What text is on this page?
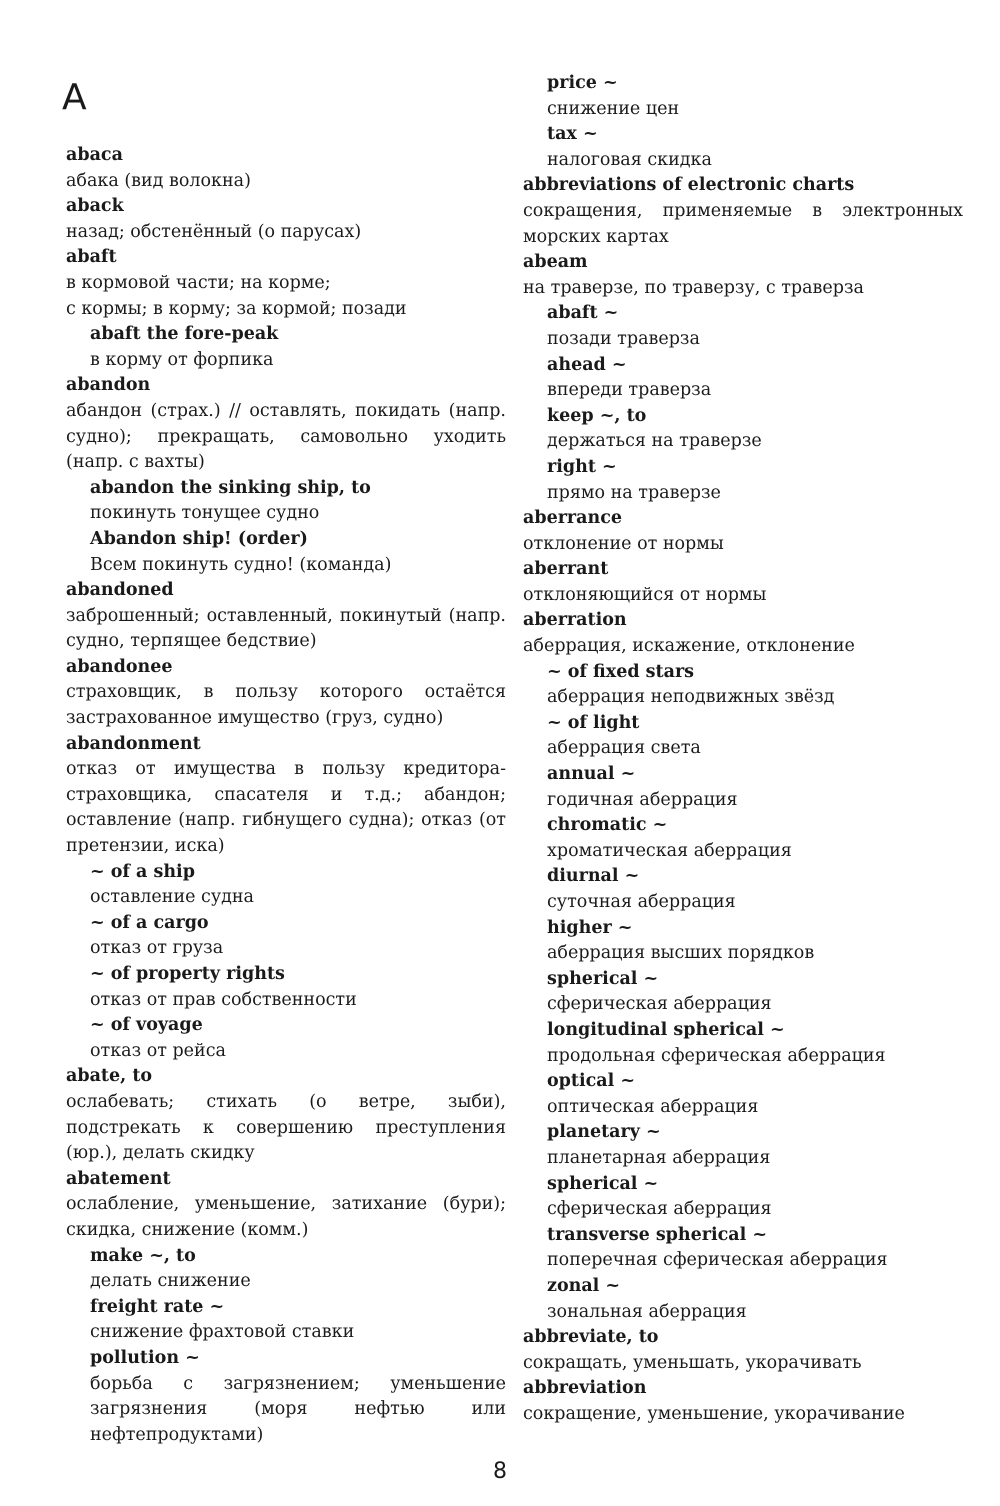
A
abaca
абака (вид волокна)
aback
назад; обстенённый (о парусах)
abaft
в кормовой части; на корме;
с кормы; в корму; за кормой; позади
abaft the fore-peak
в корму от форпика
abandon
абандон (страх.) // оставлять, покидать (напр. судно); прекращать, самовольно уходить (напр. с вахты)
abandon the sinking ship, to
покинуть тонущее судно
Abandon ship! (order)
Всем покинуть судно! (команда)
abandoned
заброшенный; оставленный, покинутый (напр. судно, терпящее бедствие)
abandonee
страховщик, в пользу которого остаётся застрахованное имущество (груз, судно)
abandonment
отказ от имущества в пользу кредитора-страховщика, спасателя и т.д.; абандон; оставление (напр. гибнущего судна); отказ (от претензии, иска)
~ of a ship
оставление судна
~ of a cargo
отказ от груза
~ of property rights
отказ от прав собственности
~ of voyage
отказ от рейса
abate, to
ослабевать; стихать (о ветре, зыби), подстрекать к совершению преступления (юр.), делать скидку
abatement
ослабление, уменьшение, затихание (бури); скидка, снижение (комм.)
make ~, to
делать снижение
freight rate ~
снижение фрахтовой ставки
pollution ~
борьба с загрязнением; уменьшение загрязнения (моря нефтью или нефтепродуктами)
price ~
снижение цен
tax ~
налоговая скидка
abbreviations of electronic charts
сокращения, применяемые в электронных морских картах
abeam
на траверзе, по траверзу, с траверза
abaft ~
позади траверза
ahead ~
впереди траверза
keep ~, to
держаться на траверзе
right ~
прямо на траверзе
aberrance
отклонение от нормы
aberrant
отклоняющийся от нормы
aberration
аберрация, искажение, отклонение
~ of fixed stars
аберрация неподвижных звёзд
~ of light
аберрация света
annual ~
годичная аберрация
chromatic ~
хроматическая аберрация
diurnal ~
суточная аберрация
higher ~
аберрация высших порядков
spherical ~
сферическая аберрация
longitudinal spherical ~
продольная сферическая аберрация
optical ~
оптическая аберрация
planetary ~
планетарная аберрация
spherical ~
сферическая аберрация
transverse spherical ~
поперечная сферическая аберрация
zonal ~
зональная аберрация
abbreviate, to
сокращать, уменьшать, укорачивать
abbreviation
сокращение, уменьшение, укорачивание
8
